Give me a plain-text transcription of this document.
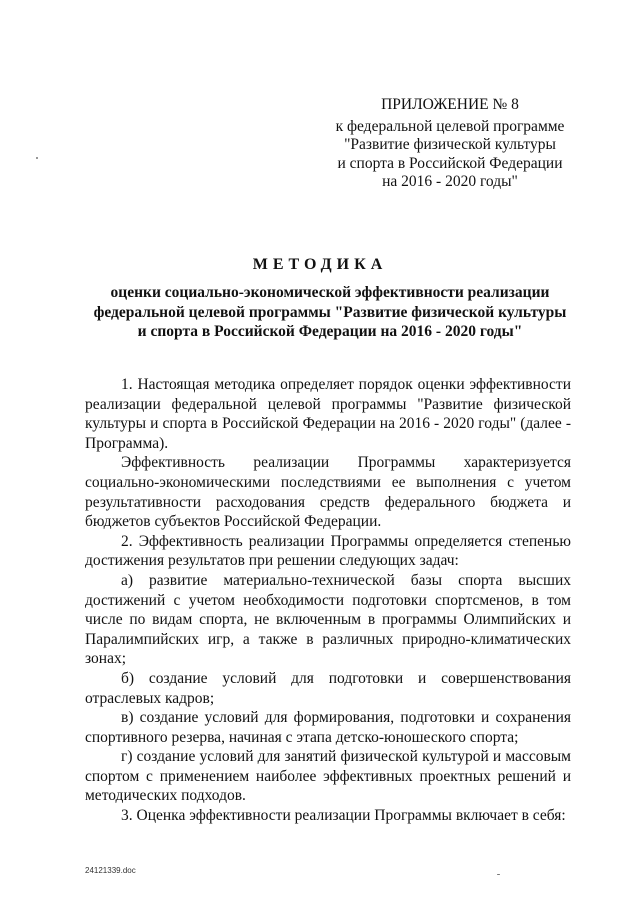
ПРИЛОЖЕНИЕ № 8
к федеральной целевой программе
"Развитие физической культуры
и спорта в Российской Федерации
на 2016 - 2020 годы"
МЕТОДИКА
оценки социально-экономической эффективности реализации
федеральной целевой программы "Развитие физической культуры
и спорта в Российской Федерации на 2016 - 2020 годы"

1. Настоящая методика определяет порядок оценки эффективности реализации федеральной целевой программы "Развитие физической культуры и спорта в Российской Федерации на 2016 - 2020 годы" (далее - Программа).

Эффективность реализации Программы характеризуется социально-экономическими последствиями ее выполнения с учетом результативности расходования средств федерального бюджета и бюджетов субъектов Российской Федерации.

2. Эффективность реализации Программы определяется степенью достижения результатов при решении следующих задач:

а) развитие материально-технической базы спорта высших достижений с учетом необходимости подготовки спортсменов, в том числе по видам спорта, не включенным в программы Олимпийских и Паралимпийских игр, а также в различных природно-климатических зонах;

б) создание условий для подготовки и совершенствования отраслевых кадров;

в) создание условий для формирования, подготовки и сохранения спортивного резерва, начиная с этапа детско-юношеского спорта;

г) создание условий для занятий физической культурой и массовым спортом с применением наиболее эффективных проектных решений и методических подходов.

3. Оценка эффективности реализации Программы включает в себя:

24121339.doc
